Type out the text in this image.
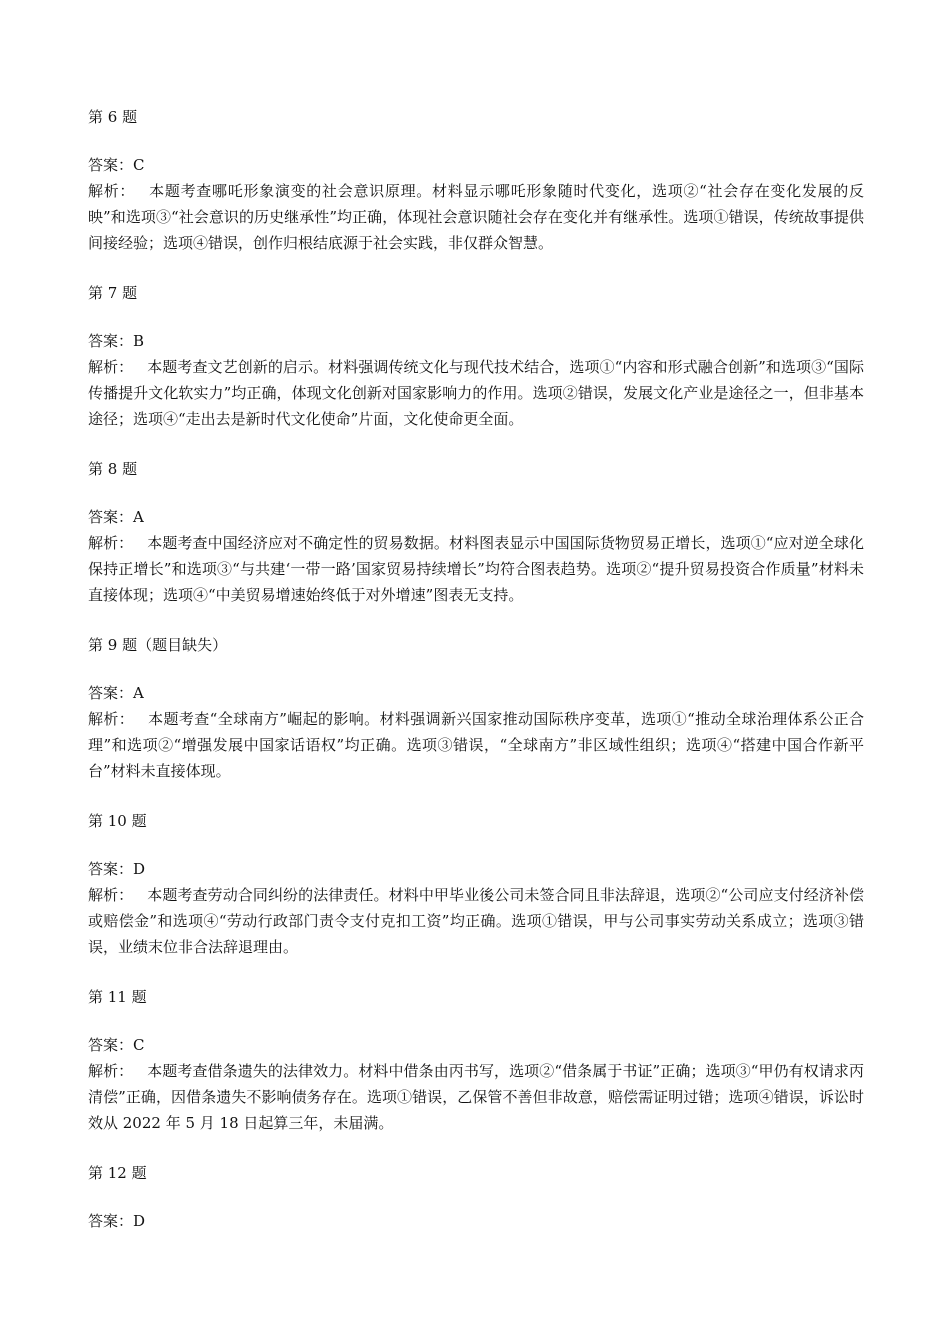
第 6 题
答案：C
解析： 本题考查哪吒形象演变的社会意识原理。材料显示哪吒形象随时代变化，选项②“社会存在变化发展的反映”和选项③“社会意识的历史继承性”均正确，体现社会意识随社会存在变化并有继承性。选项①错误，传统故事提供间接经验；选项④错误，创作归根结底源于社会实践，非仅群众智慧。
第 7 题
答案：B
解析： 本题考查文艺创新的启示。材料强调传统文化与现代技术结合，选项①“内容和形式融合创新”和选项③“国际传播提升文化软实力”均正确，体现文化创新对国家影响力的作用。选项②错误，发展文化产业是途径之一，但非基本途径；选项④“走出去是新时代文化使命”片面，文化使命更全面。
第 8 题
答案：A
解析： 本题考查中国经济应对不确定性的贸易数据。材料图表显示中国国际货物贸易正增长，选项①“应对逆全球化保持正增长”和选项③“与共建‘一带一路’国家贸易持续增长”均符合图表趋势。选项②“提升贸易投资合作质量”材料未直接体现；选项④“中美贸易增速始终低于对外增速”图表无支持。
第 9 题（题目缺失）
答案：A
解析： 本题考查“全球南方”崛起的影响。材料强调新兴国家推动国际秩序变革，选项①“推动全球治理体系公正合理”和选项②“增强发展中国家话语权”均正确。选项③错误，“全球南方”非区域性组织；选项④“搭建中国合作新平台”材料未直接体现。
第 10 题
答案：D
解析： 本题考查劳动合同纠纷的法律责任。材料中甲毕业後公司未签合同且非法辞退，选项②“公司应支付经济补偿或赔偿金”和选项④“劳动行政部门责令支付克扣工资”均正确。选项①错误，甲与公司事实劳动关系成立；选项③错误，业绩末位非合法辞退理由。
第 11 题
答案：C
解析： 本题考查借条遗失的法律效力。材料中借条由丙书写，选项②“借条属于书证”正确；选项③“甲仍有权请求丙清偿”正确，因借条遗失不影响债务存在。选项①错误，乙保管不善但非故意，赔偿需证明过错；选项④错误，诉讼时效从 2022 年 5 月 18 日起算三年，未届满。
第 12 题
答案：D
